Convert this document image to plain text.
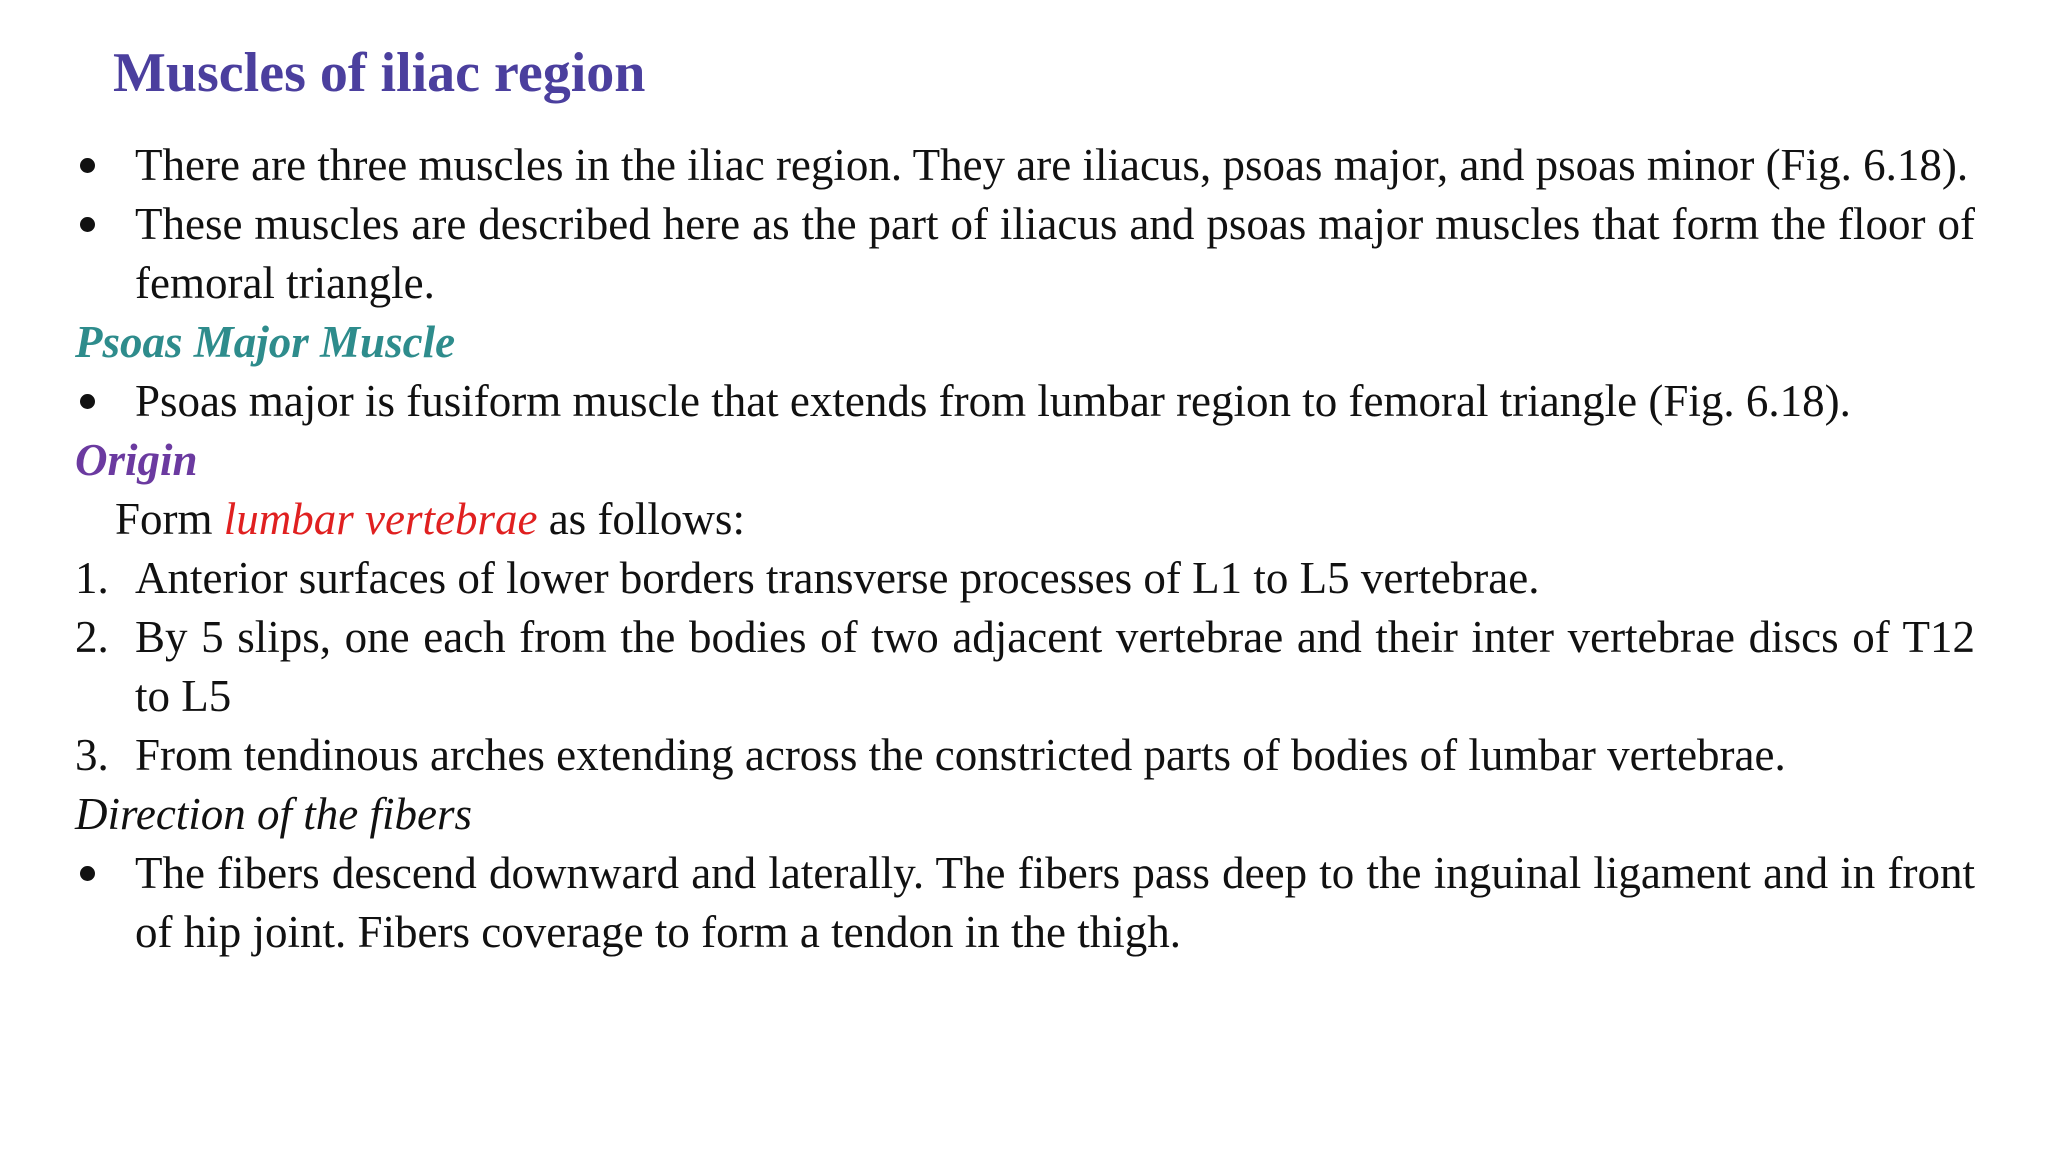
Muscles of iliac region
There are three muscles in the iliac region. They are iliacus, psoas major, and psoas minor (Fig. 6.18).
These muscles are described here as the part of iliacus and psoas major muscles that form the floor of femoral triangle.
Psoas Major Muscle
Psoas major is fusiform muscle that extends from lumbar region to femoral triangle (Fig. 6.18).
Origin
Form lumbar vertebrae as follows:
1. Anterior surfaces of lower borders transverse processes of L1 to L5 vertebrae.
2. By 5 slips, one each from the bodies of two adjacent vertebrae and their inter vertebrae discs of T12 to L5
3. From tendinous arches extending across the constricted parts of bodies of lumbar vertebrae.
Direction of the fibers
The fibers descend downward and laterally. The fibers pass deep to the inguinal ligament and in front of hip joint. Fibers coverage to form a tendon in the thigh.
